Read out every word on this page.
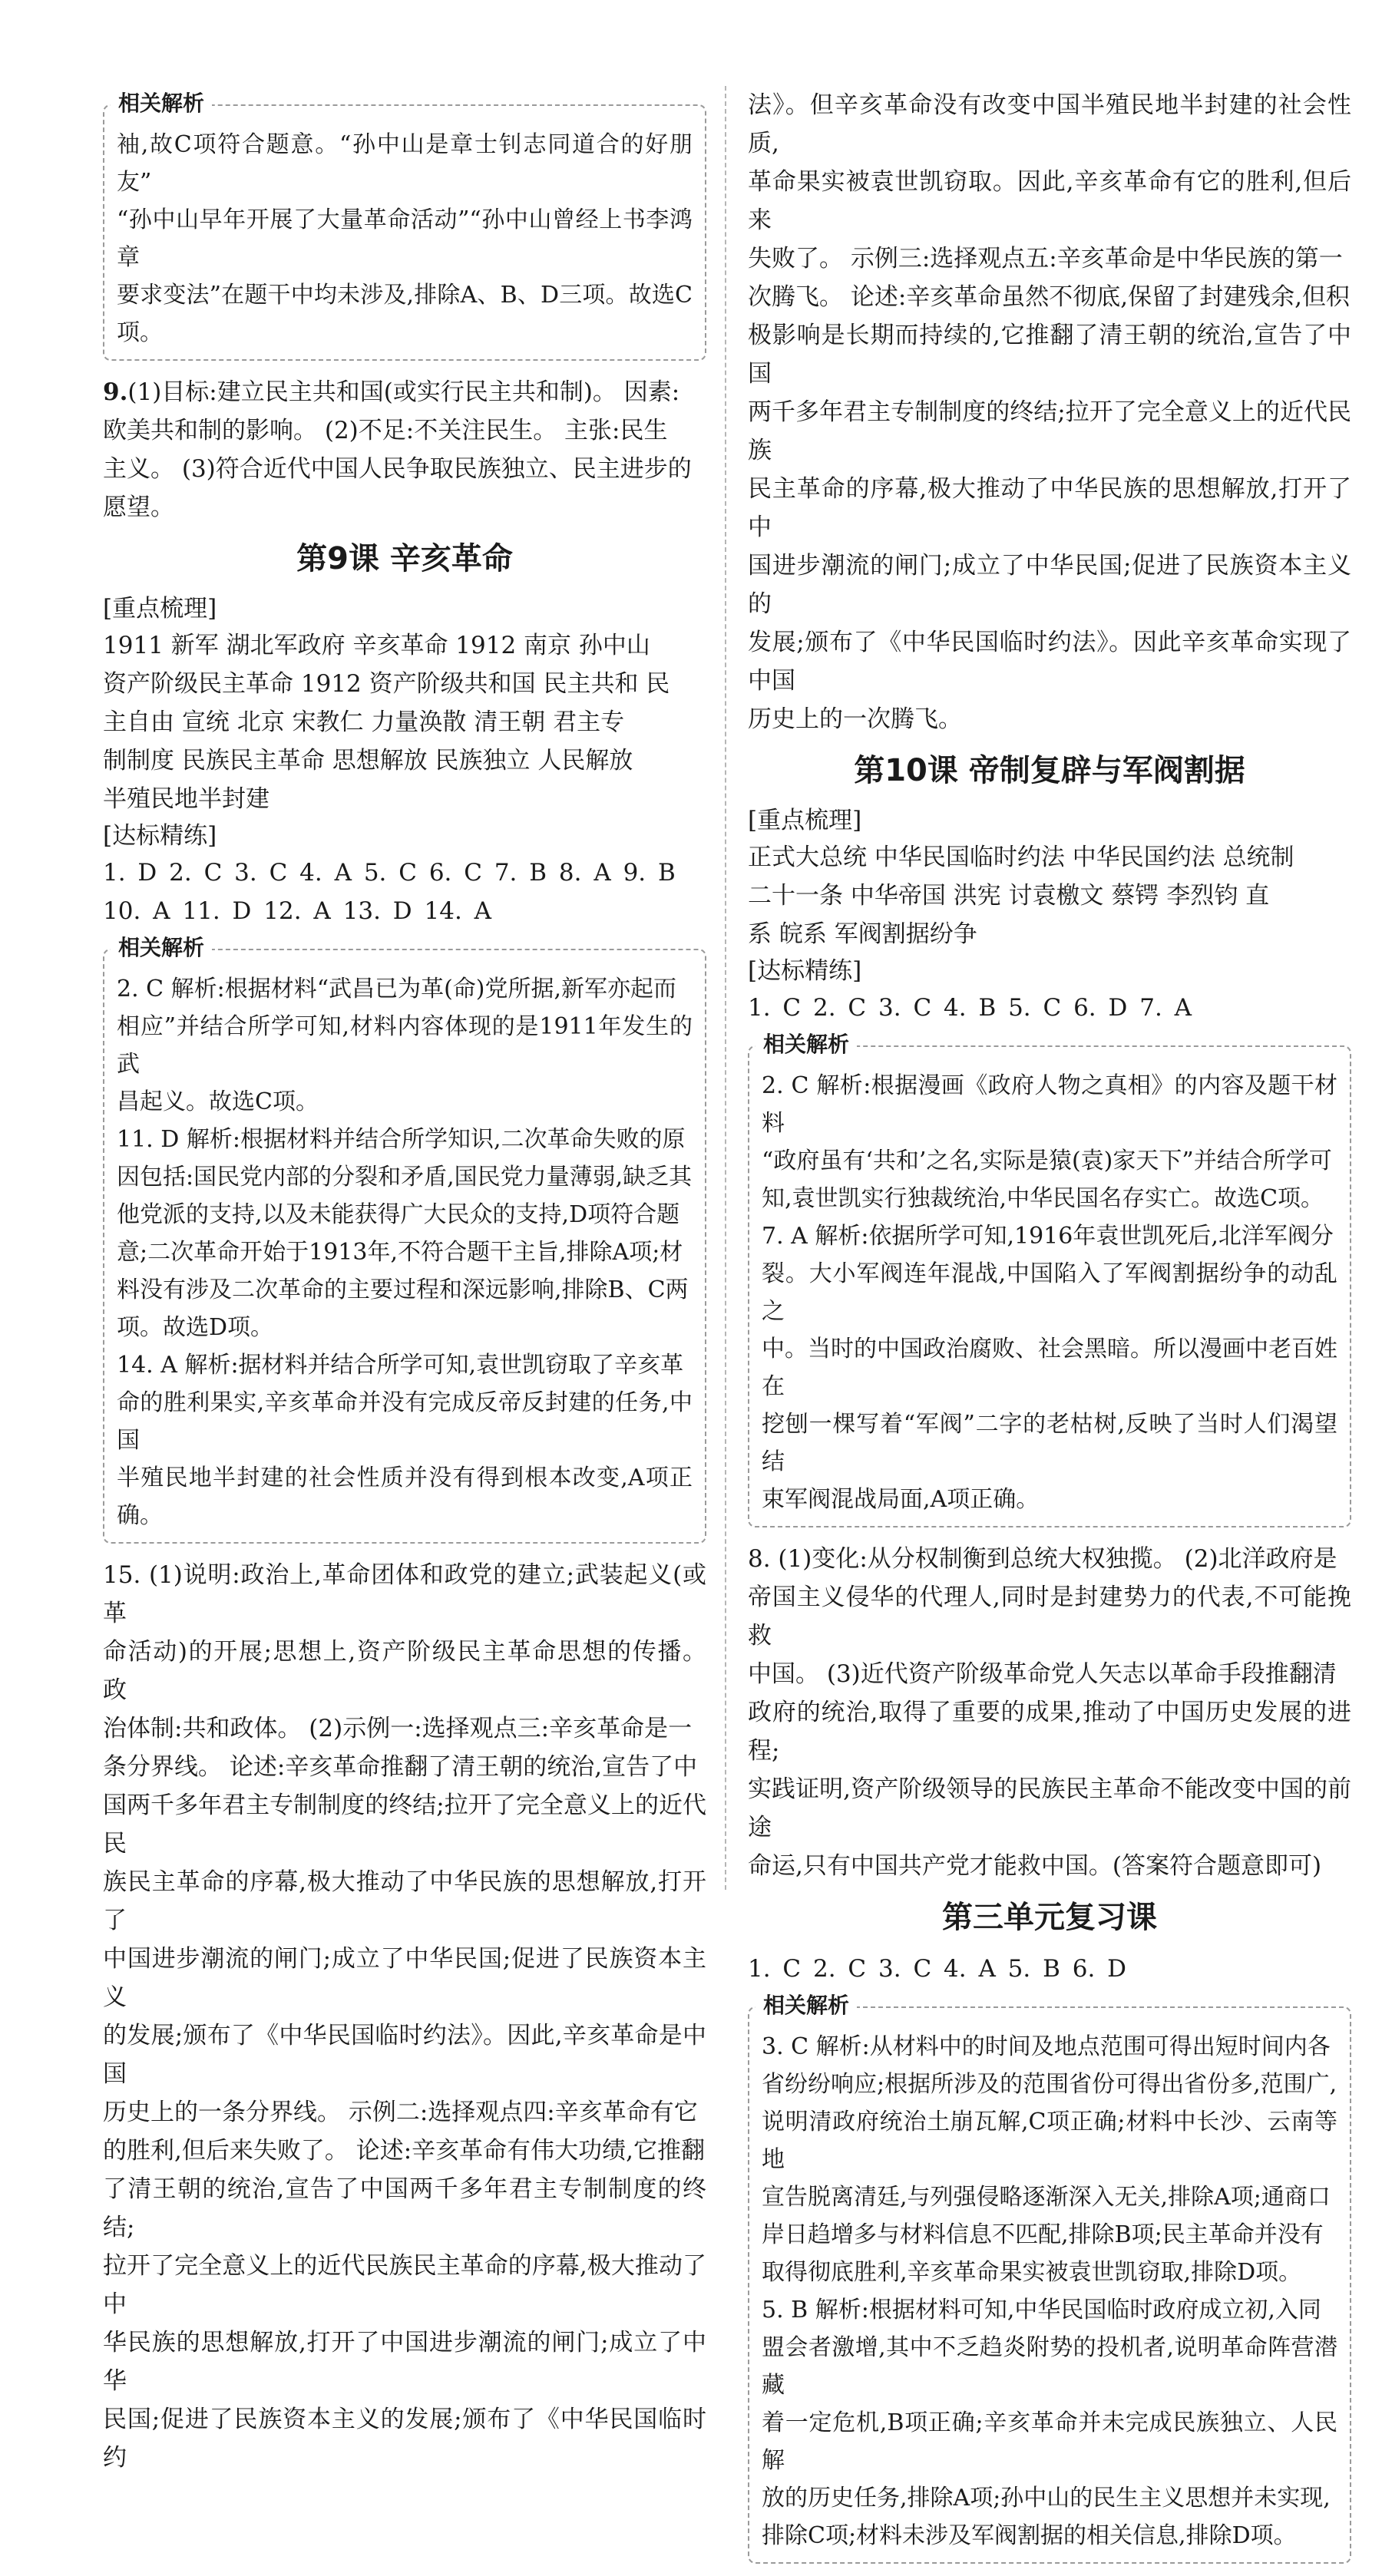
相关解析

袖,故C项符合题意。“孙中山是章士钊志同道合的好朋友”

“孙中山早年开展了大量革命活动”“孙中山曾经上书李鸿章

要求变法”在题干中均未涉及,排除A、B、D三项。故选C项。

9.(1)目标:建立民主共和国(或实行民主共和制)。 因素:

欧美共和制的影响。 (2)不足:不关注民生。 主张:民生

主义。 (3)符合近代中国人民争取民族独立、民主进步的

愿望。

第9课 辛亥革命

[重点梳理]

1911 新军 湖北军政府 辛亥革命 1912 南京 孙中山

资产阶级民主革命 1912 资产阶级共和国 民主共和 民

主自由 宣统 北京 宋教仁 力量涣散 清王朝 君主专

制制度 民族民主革命 思想解放 民族独立 人民解放

半殖民地半封建

[达标精练]

1. D 2. C 3. C 4. A 5. C 6. C 7. B 8. A 9. B

10. A 11. D 12. A 13. D 14. A

相关解析

2. C 解析:根据材料“武昌已为革(命)党所据,新军亦起而

相应”并结合所学可知,材料内容体现的是1911年发生的武

昌起义。故选C项。

11. D 解析:根据材料并结合所学知识,二次革命失败的原

因包括:国民党内部的分裂和矛盾,国民党力量薄弱,缺乏其

他党派的支持,以及未能获得广大民众的支持,D项符合题

意;二次革命开始于1913年,不符合题干主旨,排除A项;材

料没有涉及二次革命的主要过程和深远影响,排除B、C两

项。故选D项。

14. A 解析:据材料并结合所学可知,袁世凯窃取了辛亥革

命的胜利果实,辛亥革命并没有完成反帝反封建的任务,中国

半殖民地半封建的社会性质并没有得到根本改变,A项正确。

15. (1)说明:政治上,革命团体和政党的建立;武装起义(或革

命活动)的开展;思想上,资产阶级民主革命思想的传播。 政

治体制:共和政体。 (2)示例一:选择观点三:辛亥革命是一

条分界线。 论述:辛亥革命推翻了清王朝的统治,宣告了中

国两千多年君主专制制度的终结;拉开了完全意义上的近代民

族民主革命的序幕,极大推动了中华民族的思想解放,打开了

中国进步潮流的闸门;成立了中华民国;促进了民族资本主义

的发展;颁布了《中华民国临时约法》。因此,辛亥革命是中国

历史上的一条分界线。 示例二:选择观点四:辛亥革命有它

的胜利,但后来失败了。 论述:辛亥革命有伟大功绩,它推翻

了清王朝的统治,宣告了中国两千多年君主专制制度的终结;

拉开了完全意义上的近代民族民主革命的序幕,极大推动了中

华民族的思想解放,打开了中国进步潮流的闸门;成立了中华

民国;促进了民族资本主义的发展;颁布了《中华民国临时约

法》。但辛亥革命没有改变中国半殖民地半封建的社会性质,

革命果实被袁世凯窃取。因此,辛亥革命有它的胜利,但后来

失败了。 示例三:选择观点五:辛亥革命是中华民族的第一

次腾飞。 论述:辛亥革命虽然不彻底,保留了封建残余,但积

极影响是长期而持续的,它推翻了清王朝的统治,宣告了中国

两千多年君主专制制度的终结;拉开了完全意义上的近代民族

民主革命的序幕,极大推动了中华民族的思想解放,打开了中

国进步潮流的闸门;成立了中华民国;促进了民族资本主义的

发展;颁布了《中华民国临时约法》。因此辛亥革命实现了中国

历史上的一次腾飞。

第10课 帝制复辟与军阀割据

[重点梳理]

正式大总统 中华民国临时约法 中华民国约法 总统制

二十一条 中华帝国 洪宪 讨袁檄文 蔡锷 李烈钧 直

系 皖系 军阀割据纷争

[达标精练]

1. C 2. C 3. C 4. B 5. C 6. D 7. A

相关解析

2. C 解析:根据漫画《政府人物之真相》的内容及题干材料

“政府虽有‘共和’之名,实际是猿(袁)家天下”并结合所学可

知,袁世凯实行独裁统治,中华民国名存实亡。故选C项。

7. A 解析:依据所学可知,1916年袁世凯死后,北洋军阀分

裂。大小军阀连年混战,中国陷入了军阀割据纷争的动乱之

中。当时的中国政治腐败、社会黑暗。所以漫画中老百姓在

挖刨一棵写着“军阀”二字的老枯树,反映了当时人们渴望结

束军阀混战局面,A项正确。

8. (1)变化:从分权制衡到总统大权独揽。 (2)北洋政府是

帝国主义侵华的代理人,同时是封建势力的代表,不可能挽救

中国。 (3)近代资产阶级革命党人矢志以革命手段推翻清

政府的统治,取得了重要的成果,推动了中国历史发展的进程;

实践证明,资产阶级领导的民族民主革命不能改变中国的前途

命运,只有中国共产党才能救中国。(答案符合题意即可)

第三单元复习课

1. C 2. C 3. C 4. A 5. B 6. D

相关解析

3. C 解析:从材料中的时间及地点范围可得出短时间内各

省纷纷响应;根据所涉及的范围省份可得出省份多,范围广,

说明清政府统治土崩瓦解,C项正确;材料中长沙、云南等地

宣告脱离清廷,与列强侵略逐渐深入无关,排除A项;通商口

岸日趋增多与材料信息不匹配,排除B项;民主革命并没有

取得彻底胜利,辛亥革命果实被袁世凯窃取,排除D项。

5. B 解析:根据材料可知,中华民国临时政府成立初,入同

盟会者激增,其中不乏趋炎附势的投机者,说明革命阵营潜藏

着一定危机,B项正确;辛亥革命并未完成民族独立、人民解

放的历史任务,排除A项;孙中山的民生主义思想并未实现,

排除C项;材料未涉及军阀割据的相关信息,排除D项。
